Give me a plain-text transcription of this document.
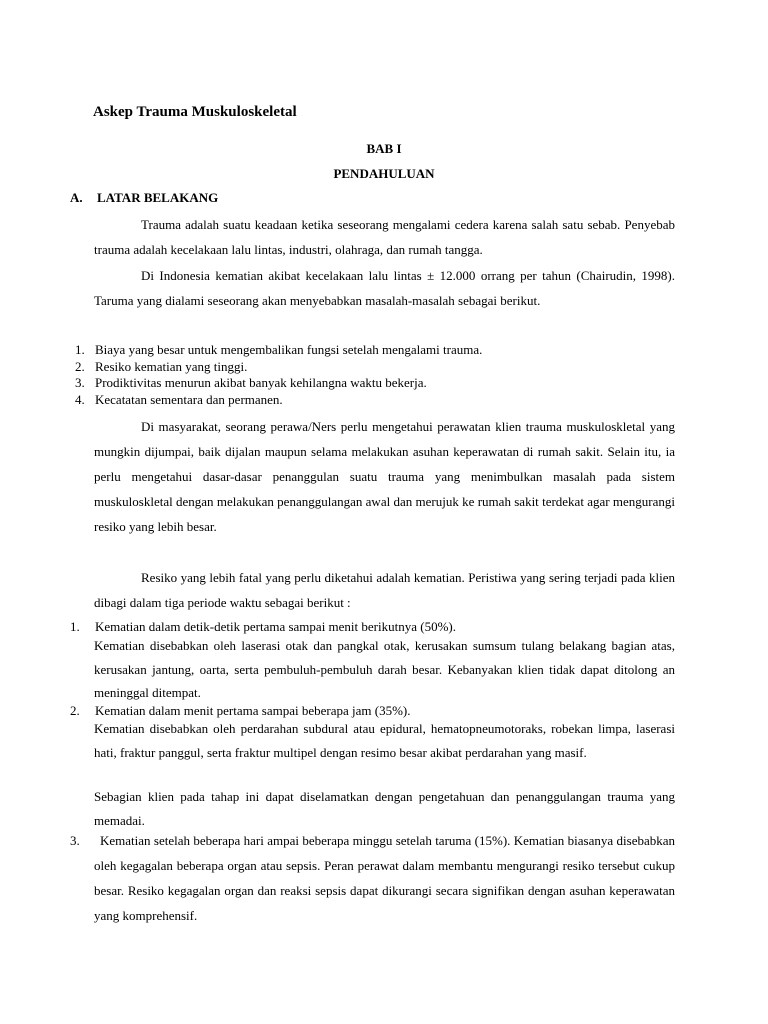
Askep Trauma Muskuloskeletal
BAB I
PENDAHULUAN
A. LATAR BELAKANG

Trauma adalah suatu keadaan ketika seseorang mengalami cedera karena salah satu sebab. Penyebab trauma adalah kecelakaan lalu lintas, industri, olahraga, dan rumah tangga.

Di Indonesia kematian akibat kecelakaan lalu lintas ± 12.000 orrang per tahun (Chairudin, 1998). Taruma yang dialami seseorang akan menyebabkan masalah-masalah sebagai berikut.

1. Biaya yang besar untuk mengembalikan fungsi setelah mengalami trauma.
2. Resiko kematian yang tinggi.
3. Prodiktivitas menurun akibat banyak kehilangna waktu bekerja.
4. Kecatatan sementara dan permanen.

Di masyarakat, seorang perawa/Ners perlu mengetahui perawatan klien trauma muskuloskletal yang mungkin dijumpai, baik dijalan maupun selama melakukan asuhan keperawatan di rumah sakit. Selain itu, ia perlu mengetahui dasar-dasar penanggulan suatu trauma yang menimbulkan masalah pada sistem muskuloskletal dengan melakukan penanggulangan awal dan merujuk ke rumah sakit terdekat agar mengurangi resiko yang lebih besar.

Resiko yang lebih fatal yang perlu diketahui adalah kematian. Peristiwa yang sering terjadi pada klien dibagi dalam tiga periode waktu sebagai berikut :

1. Kematian dalam detik-detik pertama sampai menit berikutnya (50%).

Kematian disebabkan oleh laserasi otak dan pangkal otak, kerusakan sumsum tulang belakang bagian atas, kerusakan jantung, oarta, serta pembuluh-pembuluh darah besar. Kebanyakan klien tidak dapat ditolong an meninggal ditempat.

2. Kematian dalam menit pertama sampai beberapa jam (35%).

Kematian disebabkan oleh perdarahan subdural atau epidural, hematopneumotoraks, robekan limpa, laserasi hati, fraktur panggul, serta fraktur multipel dengan resimo besar akibat perdarahan yang masif.

Sebagian klien pada tahap ini dapat diselamatkan dengan pengetahuan dan penanggulangan trauma yang memadai.

3.	Kematian setelah beberapa hari ampai beberapa minggu setelah taruma (15%). Kematian biasanya disebabkan oleh kegagalan beberapa organ atau sepsis. Peran perawat dalam membantu mengurangi resiko tersebut cukup besar. Resiko kegagalan organ dan reaksi sepsis dapat dikurangi secara signifikan dengan asuhan keperawatan yang komprehensif.
